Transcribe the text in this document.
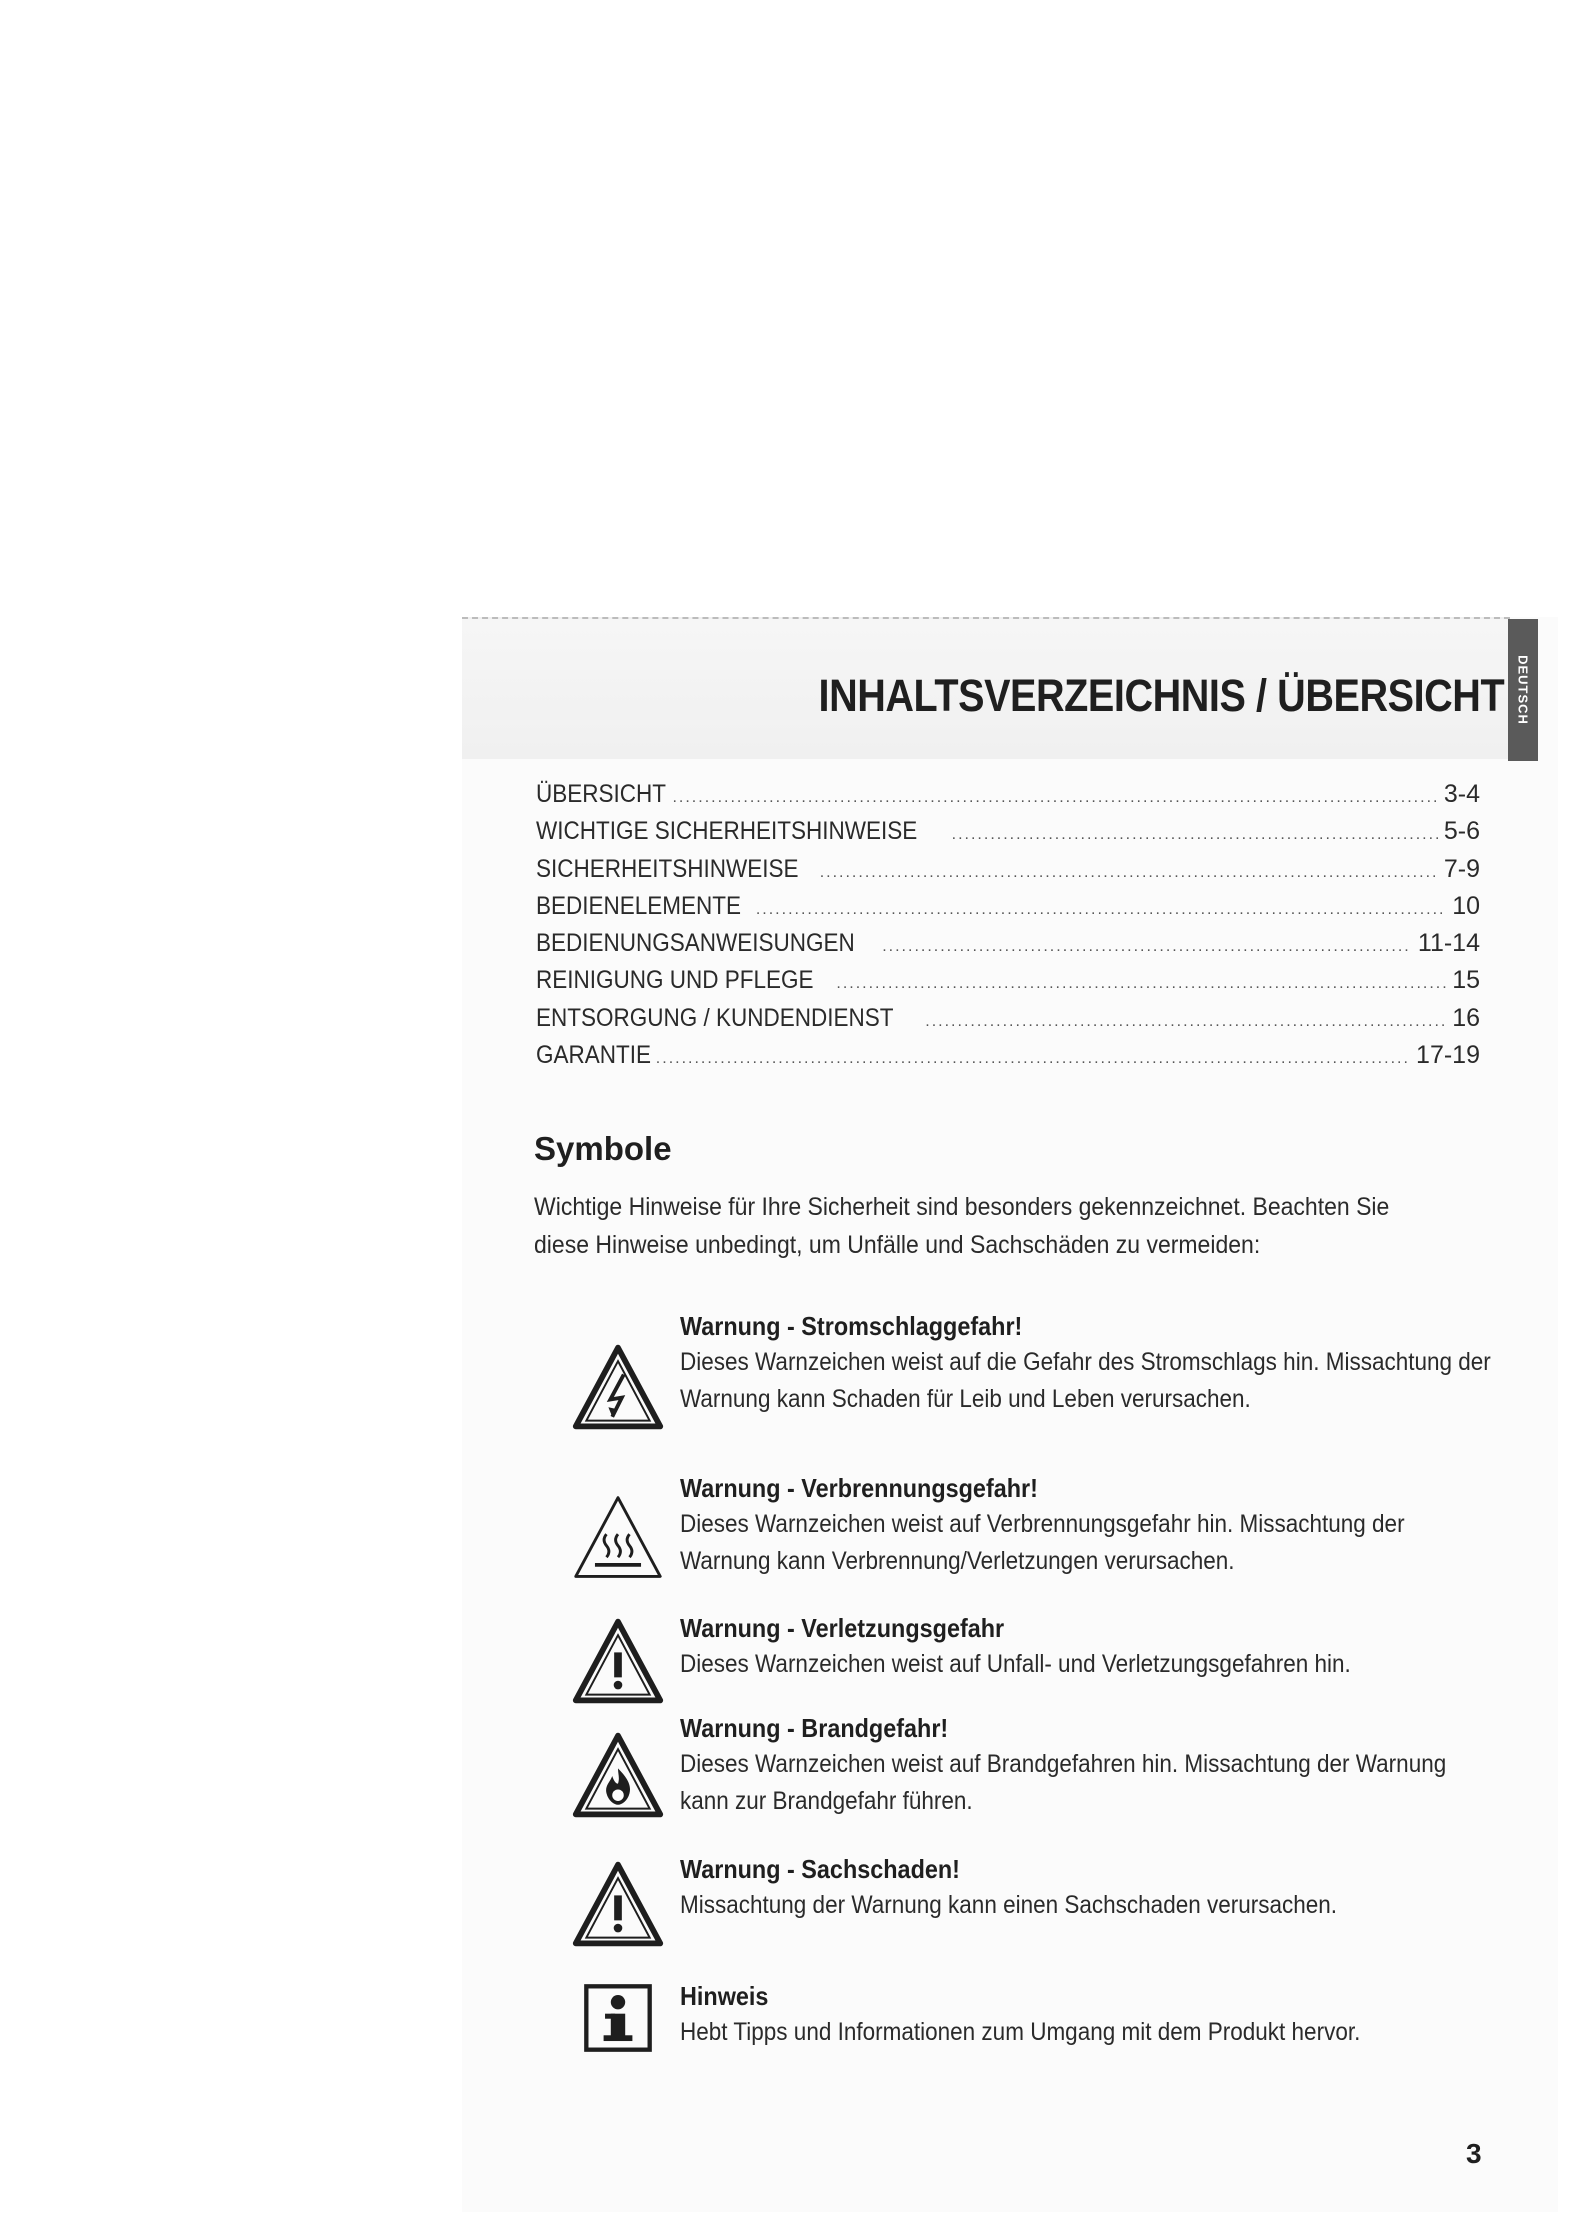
INHALTSVERZEICHNIS / ÜBERSICHT DEUTSCH
ÜBERSICHT .....	3-4
WICHTIGE SICHERHEITSHINWEISE .....	5-6
SICHERHEITSHINWEISE .....	7-9
BEDIENELEMENTE .....	10
BEDIENUNGSANWEISUNGEN .....	11-14
REINIGUNG UND PFLEGE .....	15
ENTSORGUNG / KUNDENDIENST .....	16
GARANTIE .....	17-19
Symbole

Wichtige Hinweise für Ihre Sicherheit sind besonders gekennzeichnet. Beachten Sie diese Hinweise unbedingt, um Unfälle und Sachschäden zu vermeiden:

Warnung - Stromschlaggefahr!

Dieses Warnzeichen weist auf die Gefahr des Stromschlags hin. Missachtung der Warnung kann Schaden für Leib und Leben verursachen.

Warnung - Verbrennungsgefahr!

Dieses Warnzeichen weist auf Verbrennungsgefahr hin. Missachtung der Warnung kann Verbrennung/Verletzungen verursachen.

Warnung - Verletzungsgefahr

Dieses Warnzeichen weist auf Unfall- und Verletzungsgefahren hin.

Warnung - Brandgefahr!

Dieses Warnzeichen weist auf Brandgefahren hin. Missachtung der Warnung kann zur Brandgefahr führen.

Warnung - Sachschaden!

Missachtung der Warnung kann einen Sachschaden verursachen.

Hinweis

Hebt Tipps und Informationen zum Umgang mit dem Produkt hervor.

3
